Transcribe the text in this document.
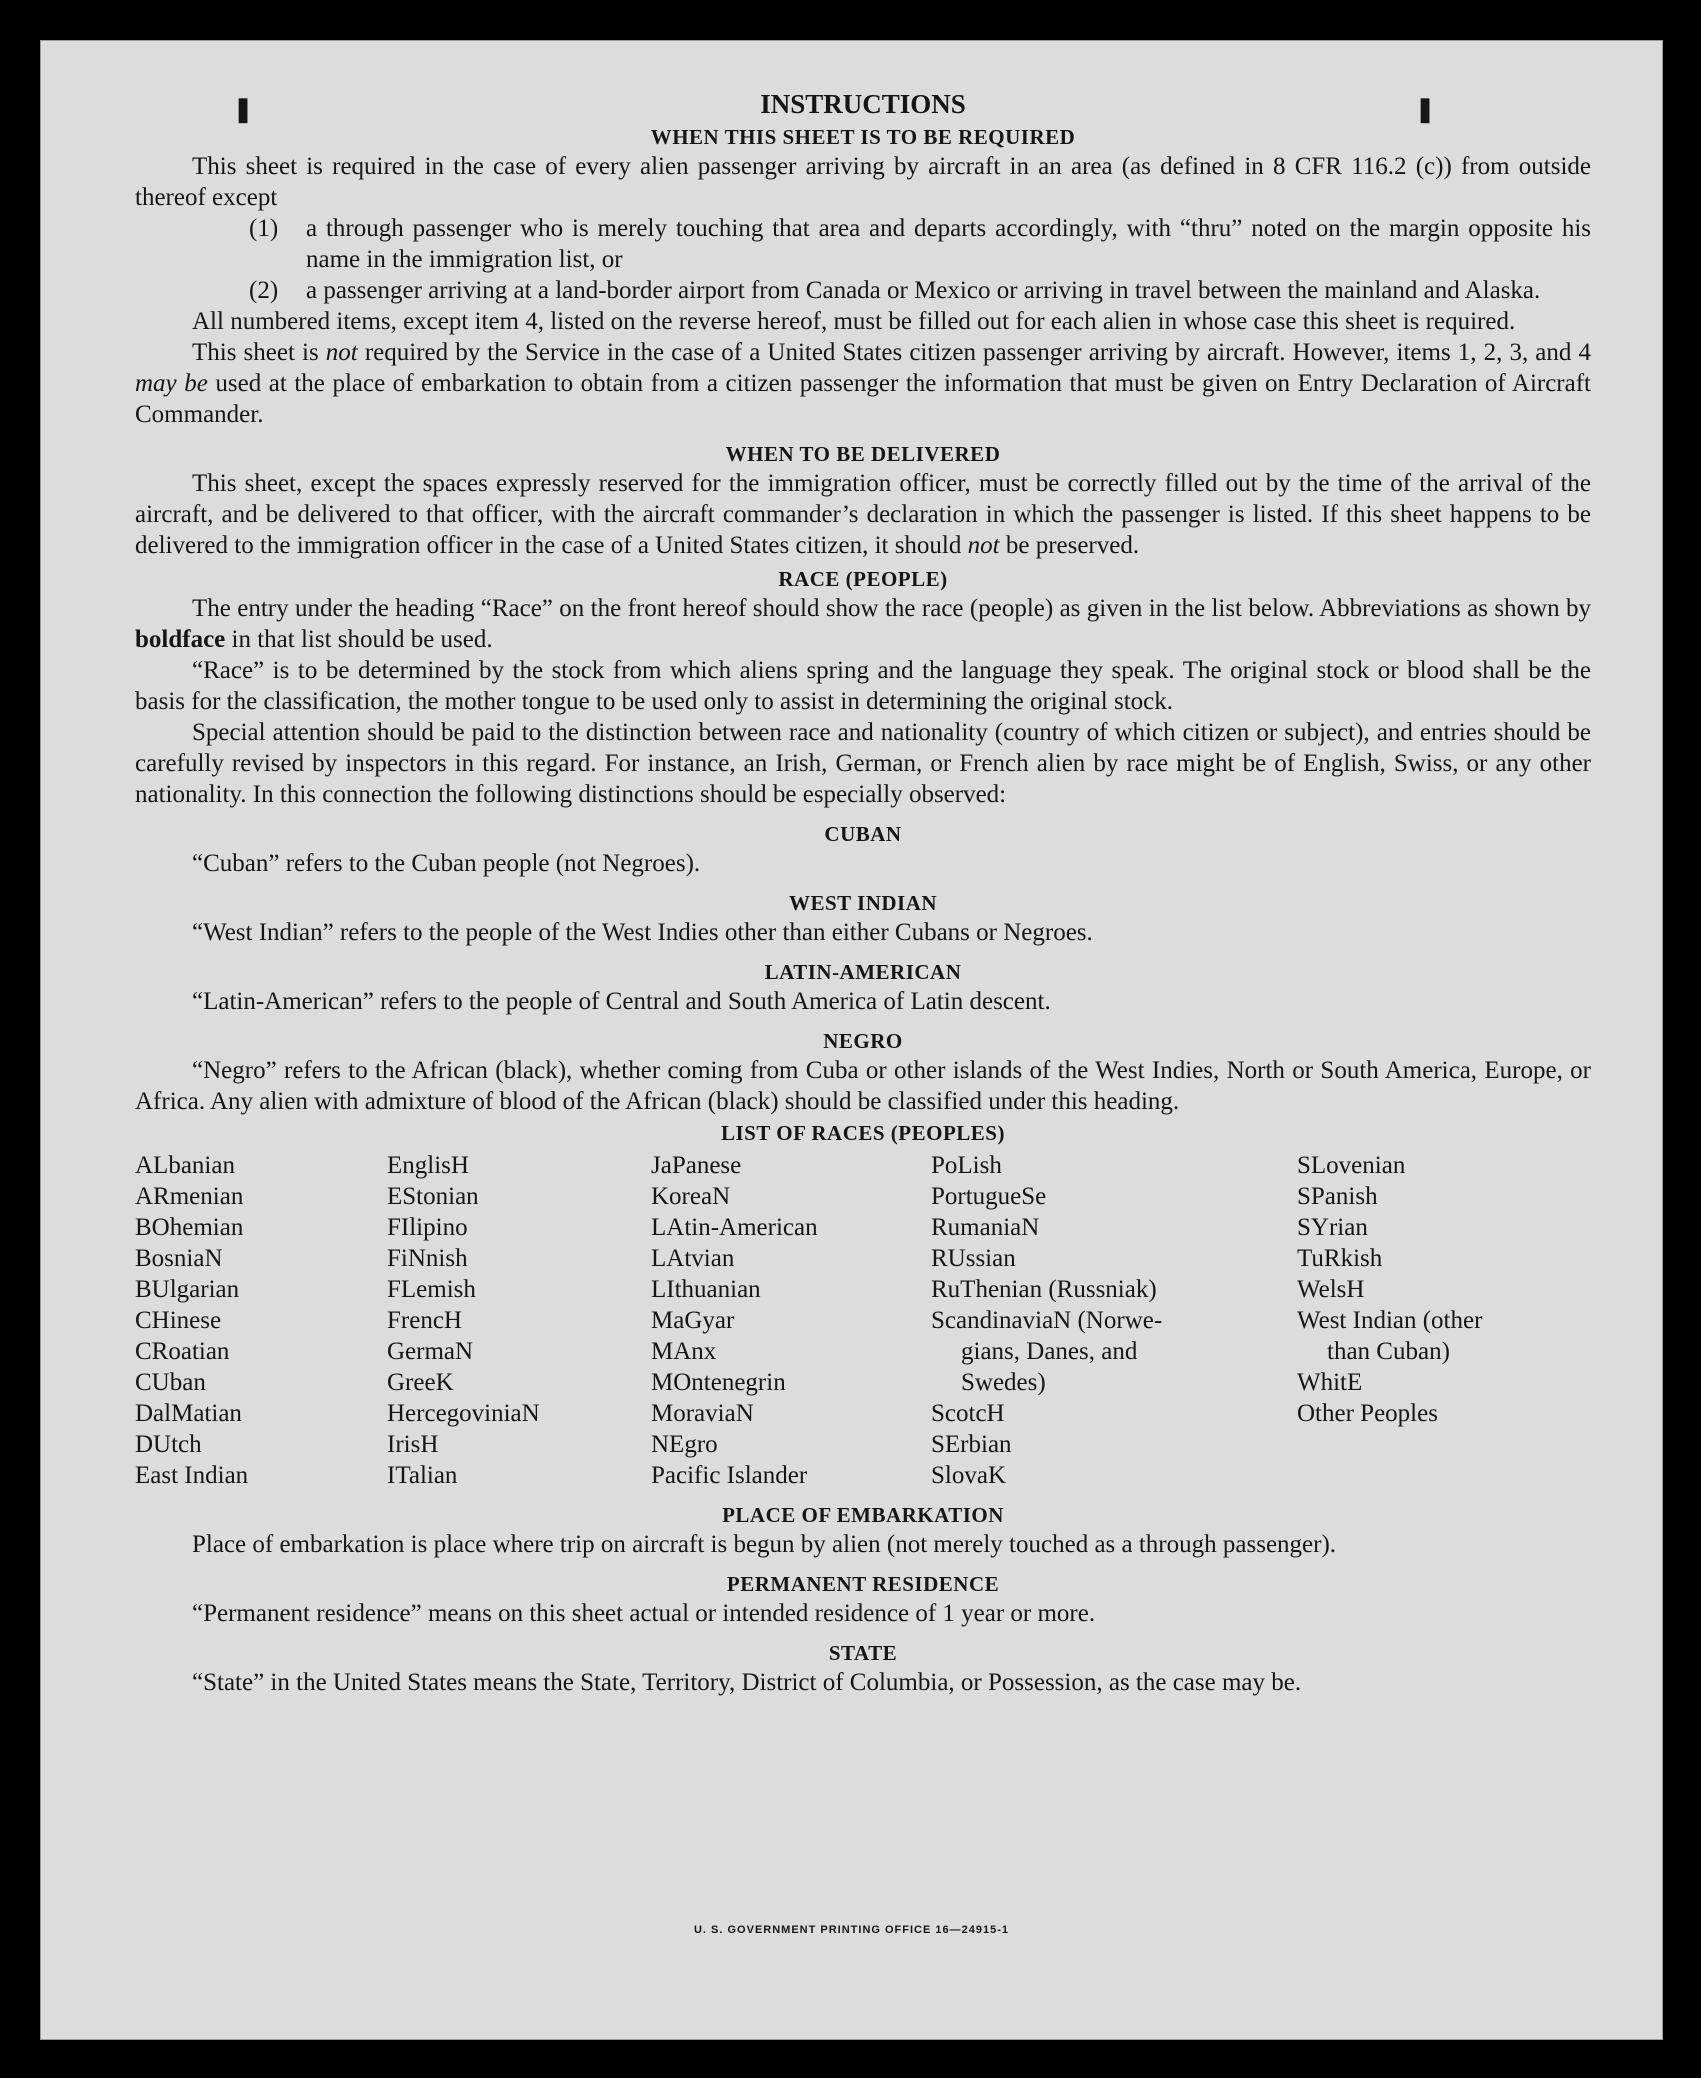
❚	❚
INSTRUCTIONS
WHEN THIS SHEET IS TO BE REQUIRED

This sheet is required in the case of every alien passenger arriving by aircraft in an area (as defined in 8 CFR 116.2 (c)) from outside thereof except

(1)	a through passenger who is merely touching that area and departs accordingly, with “thru” noted on the margin opposite his name in the immigration list, or
(2)	a passenger arriving at a land-border airport from Canada or Mexico or arriving in travel between the mainland and Alaska.

All numbered items, except item 4, listed on the reverse hereof, must be filled out for each alien in whose case this sheet is required.

This sheet is not required by the Service in the case of a United States citizen passenger arriving by aircraft. However, items 1, 2, 3, and 4 may be used at the place of embarkation to obtain from a citizen passenger the information that must be given on Entry Declaration of Aircraft Commander.

WHEN TO BE DELIVERED

This sheet, except the spaces expressly reserved for the immigration officer, must be correctly filled out by the time of the arrival of the aircraft, and be delivered to that officer, with the aircraft commander’s declaration in which the passenger is listed. If this sheet happens to be delivered to the immigration officer in the case of a United States citizen, it should not be preserved.

RACE (PEOPLE)

The entry under the heading “Race” on the front hereof should show the race (people) as given in the list below. Abbreviations as shown by boldface in that list should be used.

“Race” is to be determined by the stock from which aliens spring and the language they speak. The original stock or blood shall be the basis for the classification, the mother tongue to be used only to assist in determining the original stock.

Special attention should be paid to the distinction between race and nationality (country of which citizen or subject), and entries should be carefully revised by inspectors in this regard. For instance, an Irish, German, or French alien by race might be of English, Swiss, or any other nationality. In this connection the following distinctions should be especially observed:

CUBAN

“Cuban” refers to the Cuban people (not Negroes).

WEST INDIAN

“West Indian” refers to the people of the West Indies other than either Cubans or Negroes.

LATIN-AMERICAN

“Latin-American” refers to the people of Central and South America of Latin descent.

NEGRO

“Negro” refers to the African (black), whether coming from Cuba or other islands of the West Indies, North or South America, Europe, or Africa. Any alien with admixture of blood of the African (black) should be classified under this heading.

LIST OF RACES (PEOPLES)
ALbanian
ARmenian
BOhemian
BosniaN
BUlgarian
CHinese
CRoatian
CUban
DalMatian
DUtch
East Indian
EnglisH
EStonian
FIlipino
FiNnish
FLemish
FrencH
GermaN
GreeK
HercegoviniaN
IrisH
ITalian
JaPanese
KoreaN
LAtin-American
LAtvian
LIthuanian
MaGyar
MAnx
MOntenegrin
MoraviaN
NEgro
Pacific Islander
PoLish
PortugueSe
RumaniaN
RUssian
RuThenian (Russniak)
ScandinaviaN (Norwe-
gians, Danes, and
Swedes)
ScotcH
SErbian
SlovaK
SLovenian
SPanish
SYrian
TuRkish
WelsH
West Indian (other
than Cuban)
WhitE
Other Peoples
PLACE OF EMBARKATION

Place of embarkation is place where trip on aircraft is begun by alien (not merely touched as a through passenger).

PERMANENT RESIDENCE

“Permanent residence” means on this sheet actual or intended residence of 1 year or more.

STATE

“State” in the United States means the State, Territory, District of Columbia, or Possession, as the case may be.

U. S. GOVERNMENT PRINTING OFFICE 16—24915-1
